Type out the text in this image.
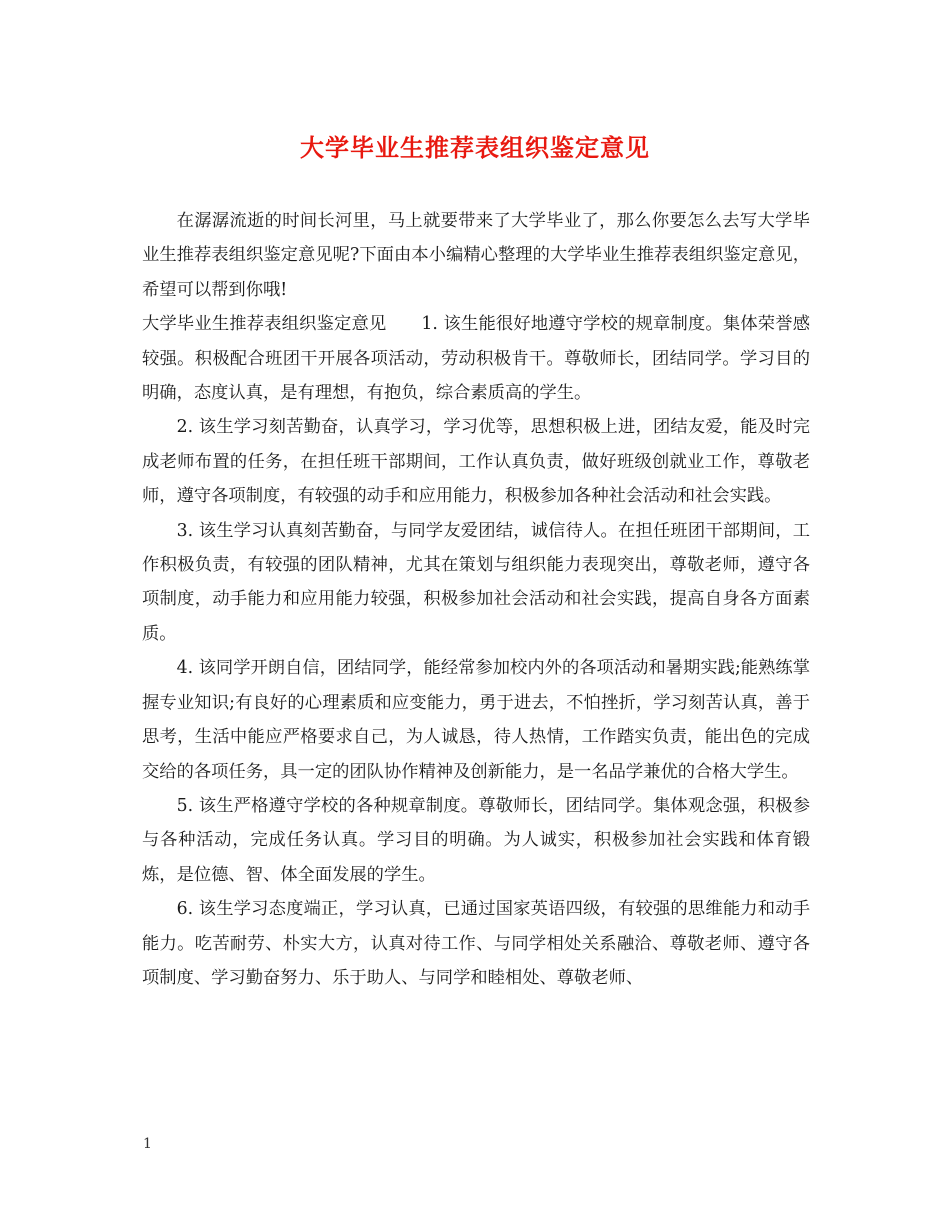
大学毕业生推荐表组织鉴定意见

在潺潺流逝的时间长河里，马上就要带来了大学毕业了，那么你要怎么去写大学毕业生推荐表组织鉴定意见呢?下面由本小编精心整理的大学毕业生推荐表组织鉴定意见，希望可以帮到你哦!

大学毕业生推荐表组织鉴定意见　　1. 该生能很好地遵守学校的规章制度。集体荣誉感较强。积极配合班团干开展各项活动，劳动积极肯干。尊敬师长，团结同学。学习目的明确，态度认真，是有理想，有抱负，综合素质高的学生。

2. 该生学习刻苦勤奋，认真学习，学习优等，思想积极上进，团结友爱，能及时完成老师布置的任务，在担任班干部期间，工作认真负责，做好班级创就业工作，尊敬老师，遵守各项制度，有较强的动手和应用能力，积极参加各种社会活动和社会实践。

3. 该生学习认真刻苦勤奋，与同学友爱团结，诚信待人。在担任班团干部期间，工作积极负责，有较强的团队精神，尤其在策划与组织能力表现突出，尊敬老师，遵守各项制度，动手能力和应用能力较强，积极参加社会活动和社会实践，提高自身各方面素质。

4. 该同学开朗自信，团结同学，能经常参加校内外的各项活动和暑期实践;能熟练掌握专业知识;有良好的心理素质和应变能力，勇于进去，不怕挫折，学习刻苦认真，善于思考，生活中能应严格要求自己，为人诚恳，待人热情，工作踏实负责，能出色的完成交给的各项任务，具一定的团队协作精神及创新能力，是一名品学兼优的合格大学生。

5. 该生严格遵守学校的各种规章制度。尊敬师长，团结同学。集体观念强，积极参与各种活动，完成任务认真。学习目的明确。为人诚实，积极参加社会实践和体育锻炼，是位德、智、体全面发展的学生。

6. 该生学习态度端正，学习认真，已通过国家英语四级，有较强的思维能力和动手能力。吃苦耐劳、朴实大方，认真对待工作、与同学相处关系融洽、尊敬老师、遵守各项制度、学习勤奋努力、乐于助人、与同学和睦相处、尊敬老师、

1
